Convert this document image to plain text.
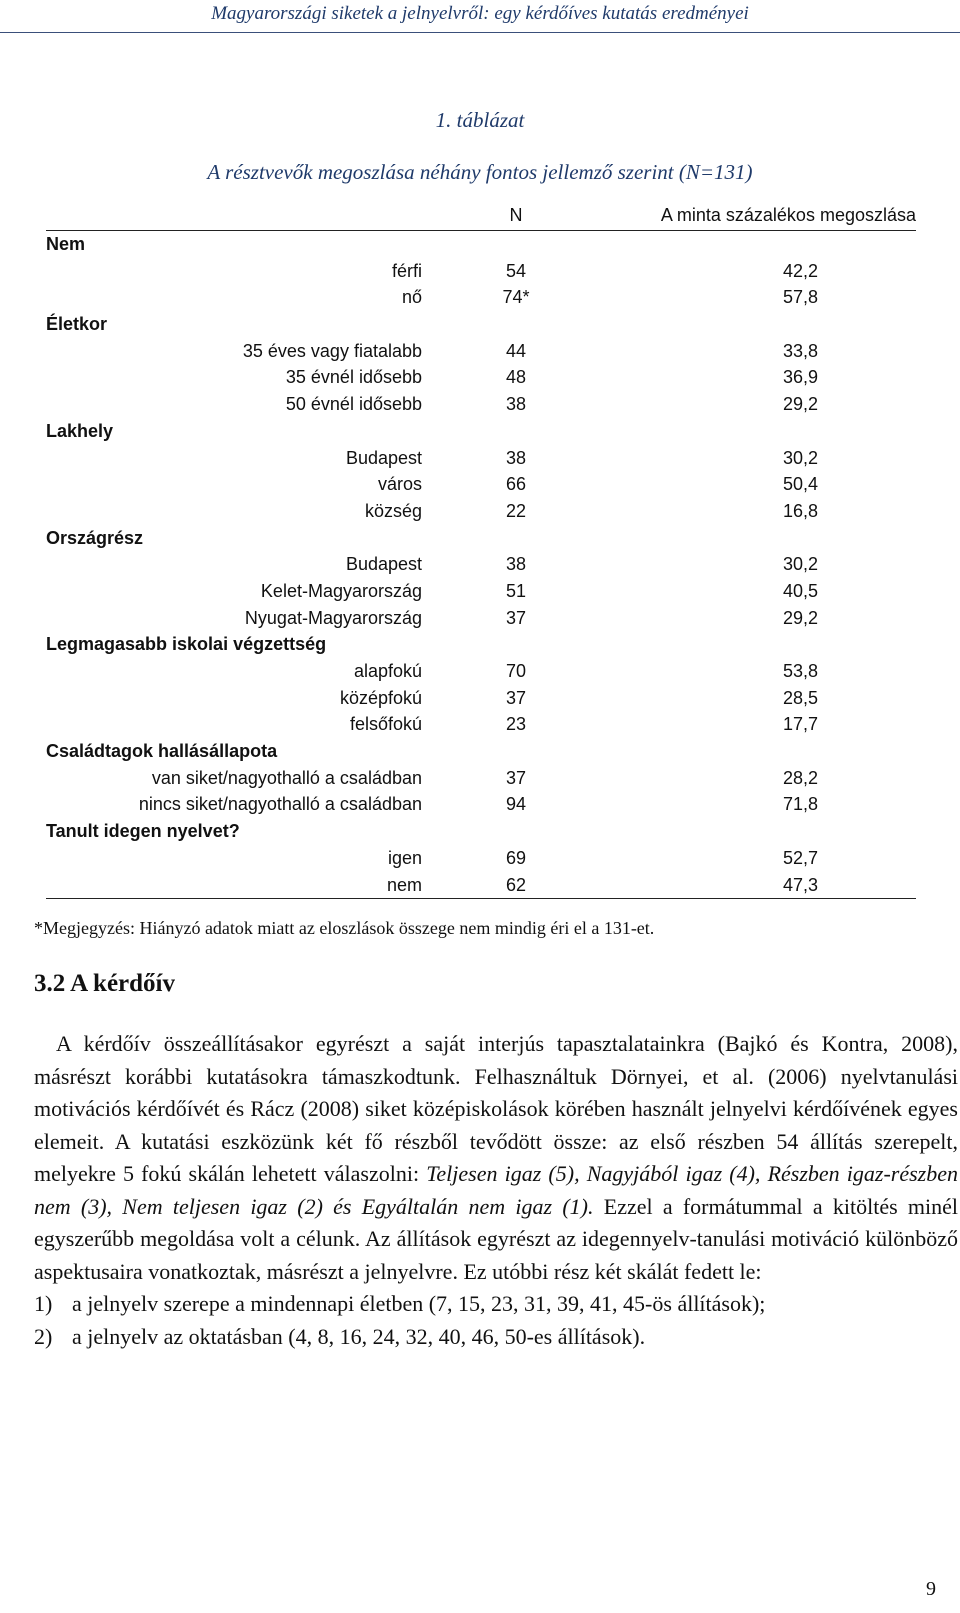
Magyarországi siketek a jelnyelvről: egy kérdőíves kutatás eredményei
1. táblázat
A résztvevők megoszlása néhány fontos jellemző szerint (N=131)
N	A minta százalékos megoszlása
Nem
férfi	54	42,2
nő	74*	57,8
Életkor
35 éves vagy fiatalabb	44	33,8
35 évnél idősebb	48	36,9
50 évnél idősebb	38	29,2
Lakhely
Budapest	38	30,2
város	66	50,4
község	22	16,8
Országrész
Budapest	38	30,2
Kelet-Magyarország	51	40,5
Nyugat-Magyarország	37	29,2
Legmagasabb iskolai végzettség
alapfokú	70	53,8
középfokú	37	28,5
felsőfokú	23	17,7
Családtagok hallásállapota
van siket/nagyothalló a családban	37	28,2
nincs siket/nagyothalló a családban	94	71,8
Tanult idegen nyelvet?
igen	69	52,7
nem	62	47,3
*Megjegyzés: Hiányzó adatok miatt az eloszlások összege nem mindig éri el a 131-et.
3.2 A kérdőív

 ​A kérdőív összeállításakor egyrészt a saját interjús tapasztalatainkra (Bajkó és Kontra, 2008), másrészt korábbi kutatásokra támaszkodtunk. Felhasználtuk Dörnyei, et al. (2006) nyelvtanulási motivációs kérdőívét és Rácz (2008) siket középiskolások körében használt jelnyelvi kérdőívének egyes elemeit. A kutatási eszközünk két fő részből tevődött össze: az első részben 54 állítás szerepelt, melyekre 5 fokú skálán lehetett válaszolni: Teljesen igaz (5), Nagyjából igaz (4), Részben igaz-részben nem (3), Nem teljesen igaz (2) és Egyáltalán nem igaz (1). Ezzel a formátummal a kitöltés minél egyszerűbb megoldása volt a célunk. Az állítások egyrészt az idegennyelv-tanulási motiváció különböző aspektusaira vonatkoztak, másrészt a jelnyelvre. Ez utóbbi rész két skálát fedett le:

1) a jelnyelv szerepe a mindennapi életben (7, 15, 23, 31, 39, 41, 45-ös állítások);
2) a jelnyelv az oktatásban (4, 8, 16, 24, 32, 40, 46, 50-es állítások).
9
